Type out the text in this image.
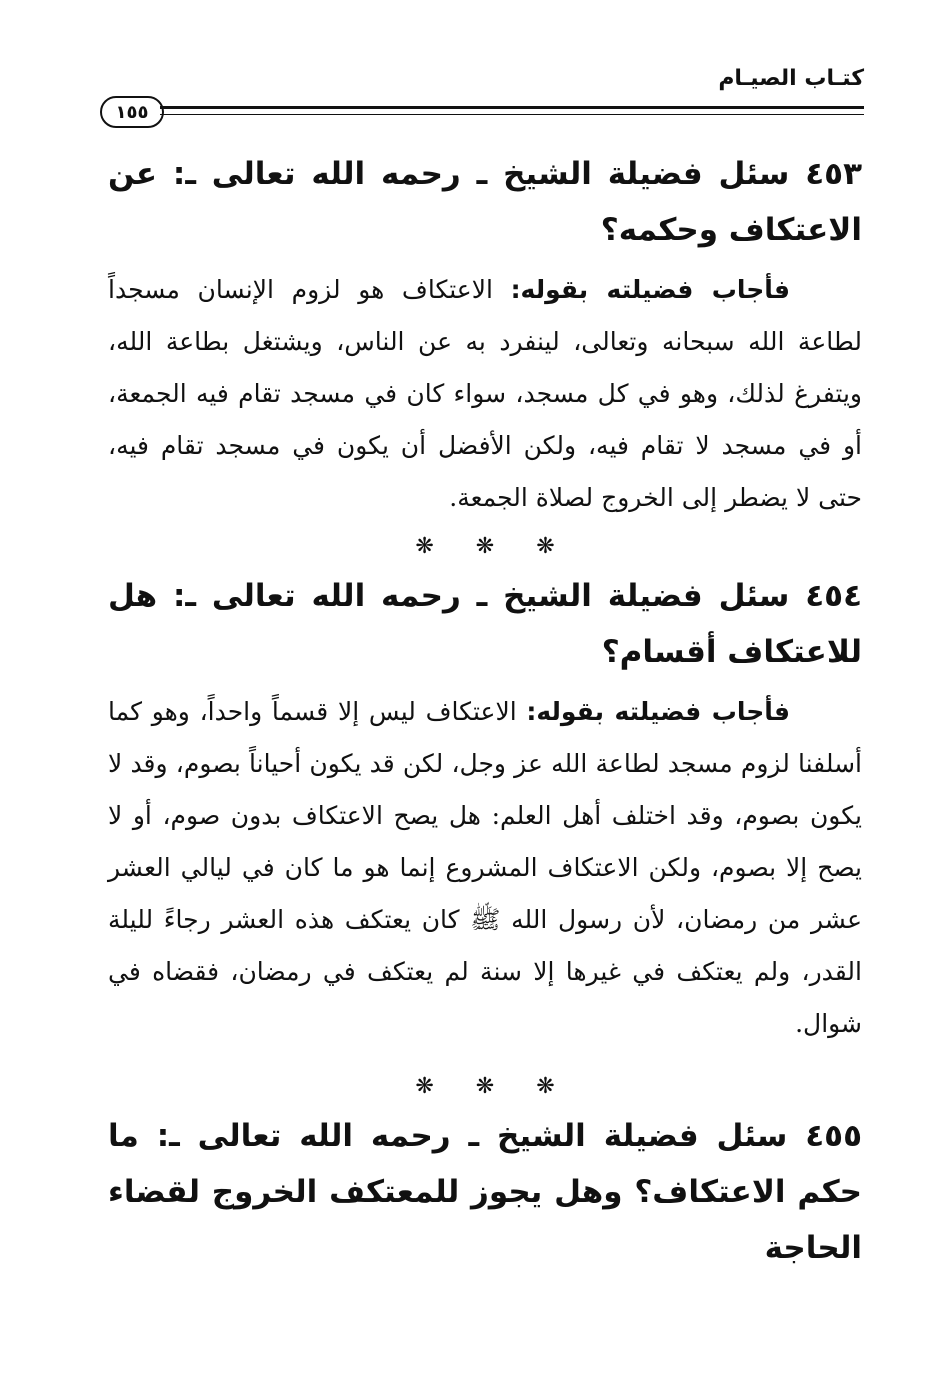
كتـاب الصيـام
١٥٥

٤٥٣ سئل فضيلة الشيخ ـ رحمه الله تعالى ـ: عن الاعتكاف وحكمه؟

فأجاب فضيلته بقوله: الاعتكاف هو لزوم الإنسان مسجداً لطاعة الله سبحانه وتعالى، لينفرد به عن الناس، ويشتغل بطاعة الله، ويتفرغ لذلك، وهو في كل مسجد، سواء كان في مسجد تقام فيه الجمعة، أو في مسجد لا تقام فيه، ولكن الأفضل أن يكون في مسجد تقام فيه، حتى لا يضطر إلى الخروج لصلاة الجمعة.

❋
❋
❋

٤٥٤ سئل فضيلة الشيخ ـ رحمه الله تعالى ـ: هل للاعتكاف أقسام؟

فأجاب فضيلته بقوله: الاعتكاف ليس إلا قسماً واحداً، وهو كما أسلفنا لزوم مسجد لطاعة الله عز وجل، لكن قد يكون أحياناً بصوم، وقد لا يكون بصوم، وقد اختلف أهل العلم: هل يصح الاعتكاف بدون صوم، أو لا يصح إلا بصوم، ولكن الاعتكاف المشروع إنما هو ما كان في ليالي العشر عشر من رمضان، لأن رسول الله ﷺ كان يعتكف هذه العشر رجاءً لليلة القدر، ولم يعتكف في غيرها إلا سنة لم يعتكف في رمضان، فقضاه في شوال.

❋
❋
❋

٤٥٥ سئل فضيلة الشيخ ـ رحمه الله تعالى ـ: ما حكم الاعتكاف؟ وهل يجوز للمعتكف الخروج لقضاء الحاجة
